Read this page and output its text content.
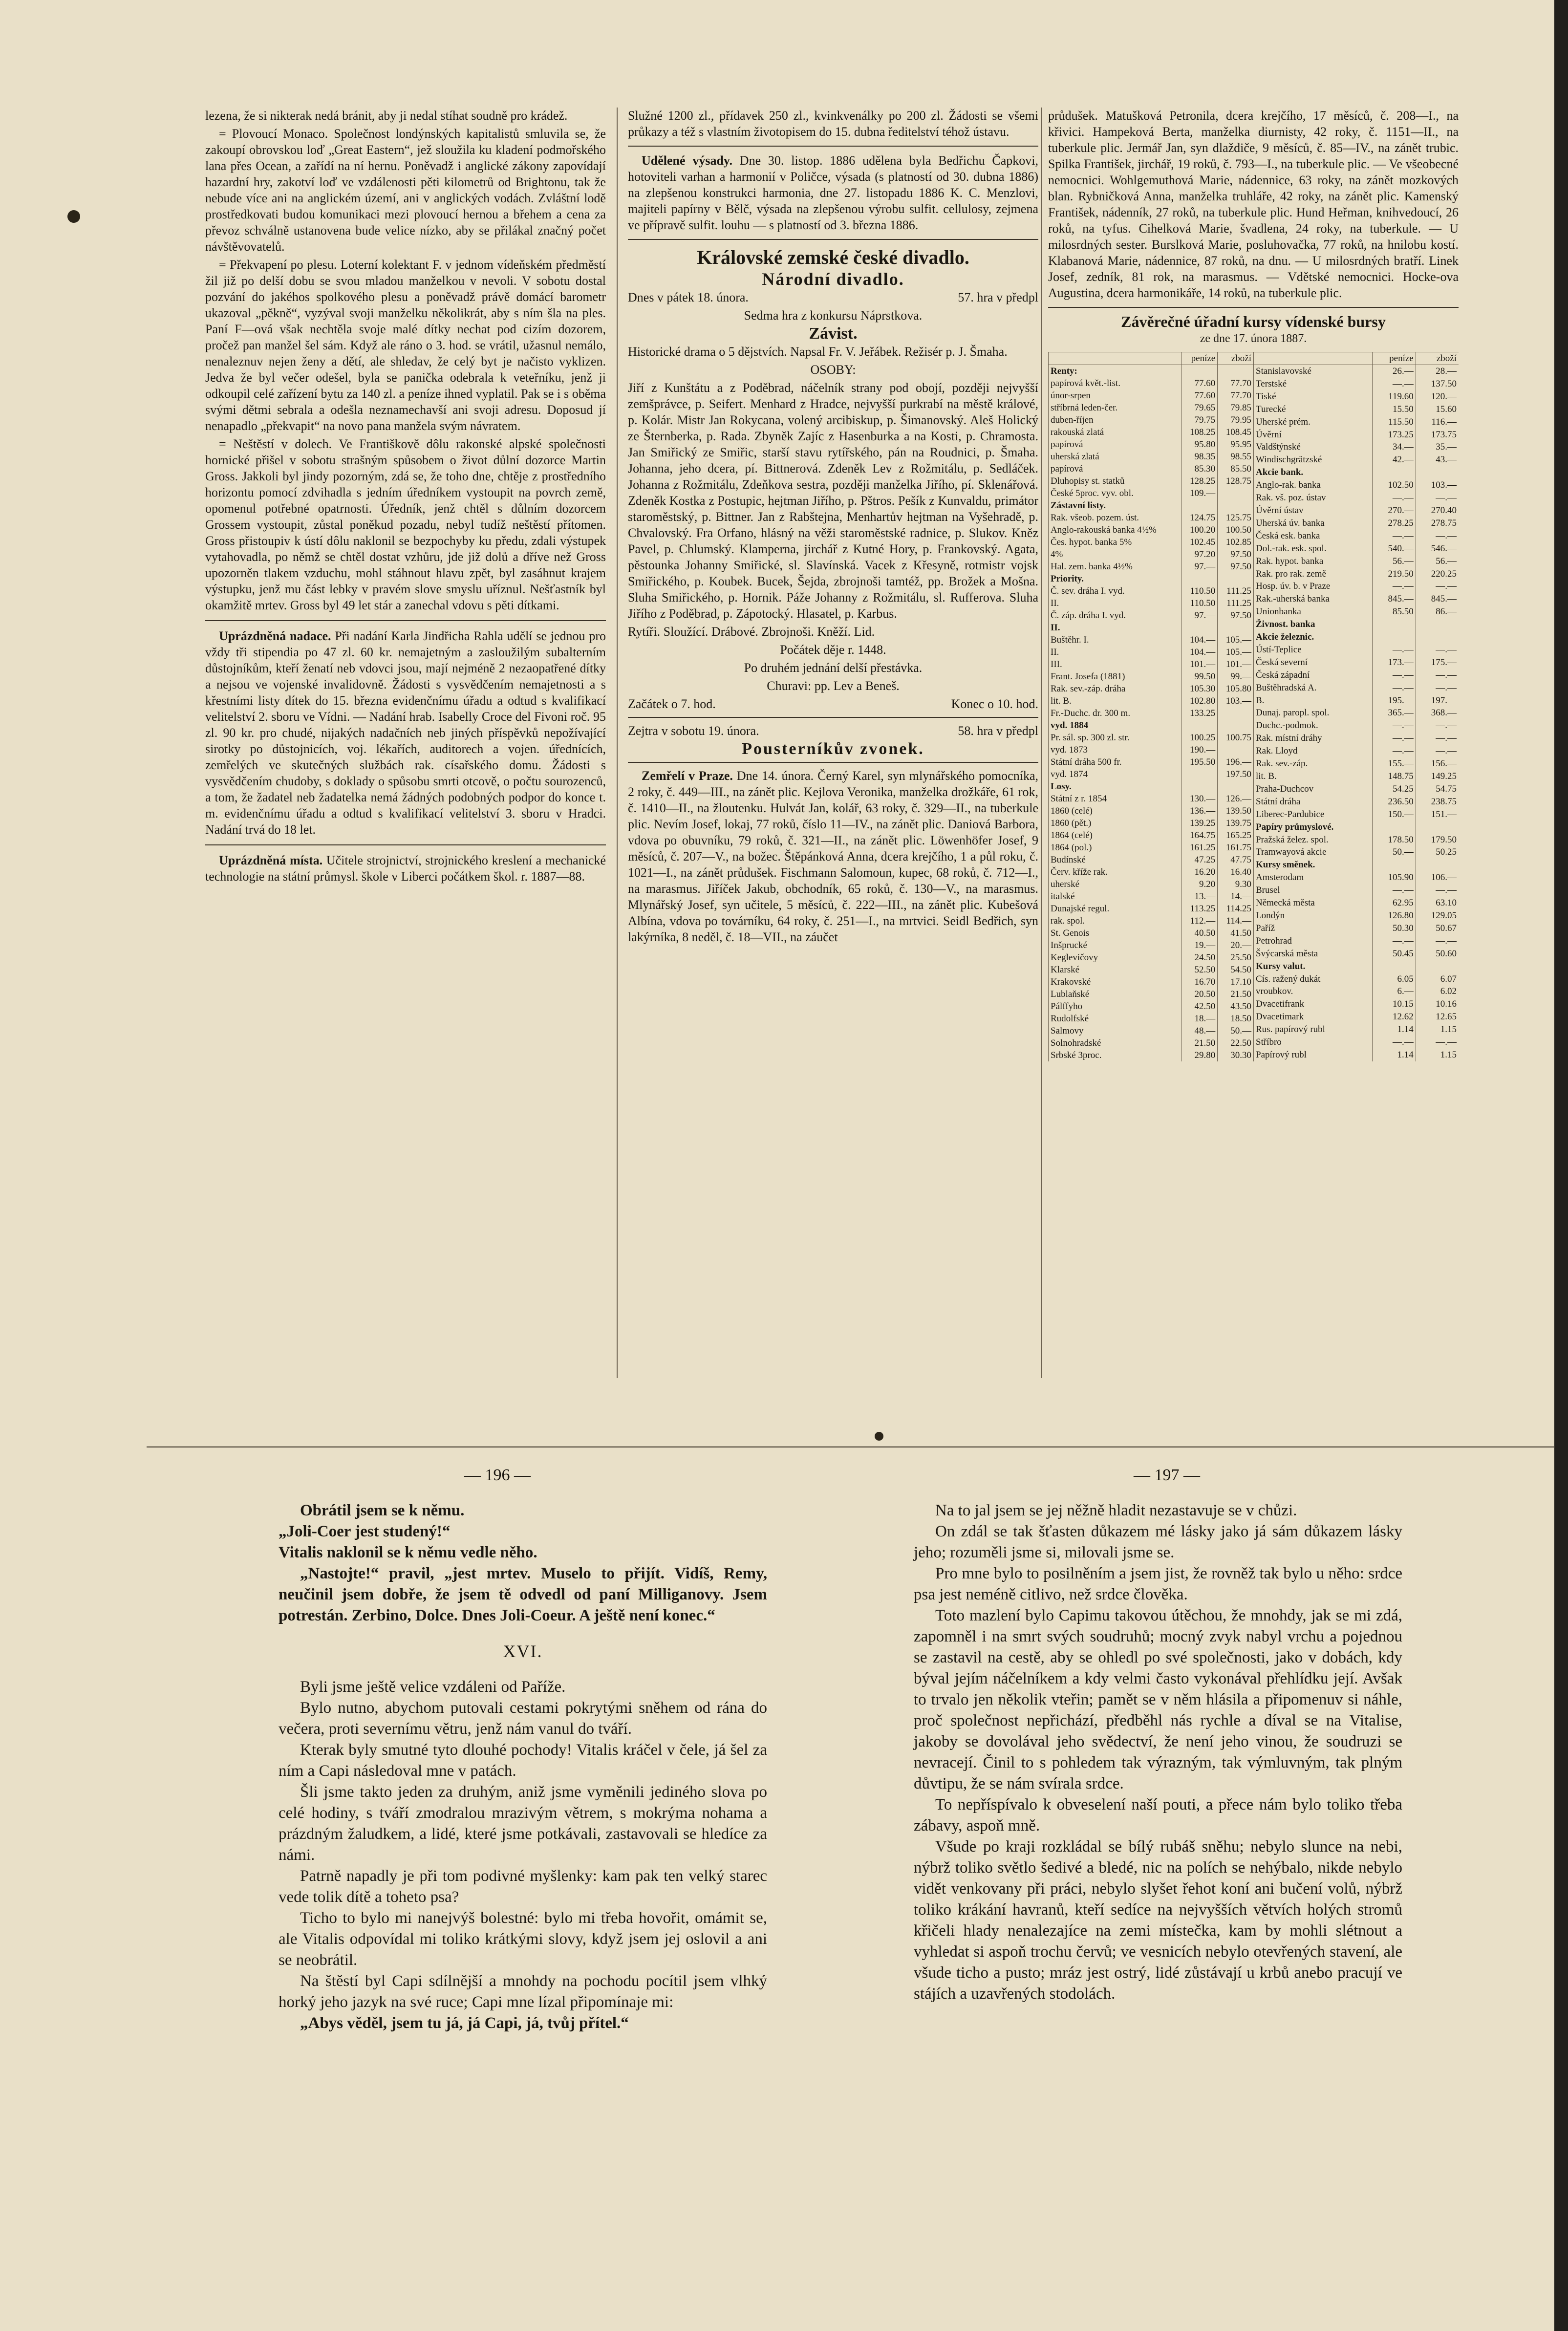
lezena, že si nikterak nedá bránit, aby ji nedal stíhat soudně pro krádež.

= Plovoucí Monaco. Společnost londýnských kapitalistů smluvila se, že zakoupí obrovskou loď „Great Eastern“, jež sloužila ku kladení podmořského lana přes Ocean, a zařídí na ní hernu. Poněvadž i anglické zákony zapovídají hazardní hry, zakotví loď ve vzdálenosti pěti kilometrů od Brightonu, tak že nebude více ani na anglickém území, ani v anglických vodách. Zvláštní lodě prostředkovati budou komunikaci mezi plovoucí hernou a břehem a cena za převoz schválně ustanovena bude velice nízko, aby se přilákal značný počet návštěvovatelů.

= Překvapení po plesu. Loterní kolektant F. v jednom vídeňském předměstí žil již po delší dobu se svou mladou manželkou v nevoli. V sobotu dostal pozvání do jakéhos spolkového plesu a poněvadž právě domácí barometr ukazoval „pěkně“, vyzýval svoji manželku několikrát, aby s ním šla na ples. Paní F—ová však nechtěla svoje malé dítky nechat pod cizím dozorem, pročež pan manžel šel sám. Když ale ráno o 3. hod. se vrátil, užasnul nemálo, nenaleznuv nejen ženy a dětí, ale shledav, že celý byt je načisto vyklizen. Jedva že byl večer odešel, byla se panička odebrala k veteřníku, jenž ji odkoupil celé zařízení bytu za 140 zl. a peníze ihned vyplatil. Pak se i s oběma svými dětmi sebrala a odešla neznamechavší ani svoji adresu. Doposud jí nenapadlo „překvapit“ na novo pana manžela svým návratem.

= Neštěstí v dolech. Ve Františkově dôlu rakonské alpské společnosti hornické přišel v sobotu strašným spůsobem o život důlní dozorce Martin Gross. Jakkoli byl jindy pozorným, zdá se, že toho dne, chtěje z prostředního horizontu pomocí zdvihadla s jedním úředníkem vystoupit na povrch země, opomenul potřebné opatrnosti. Úředník, jenž chtěl s důlním dozorcem Grossem vystoupit, zůstal poněkud pozadu, nebyl tudíž neštěstí přítomen. Gross přistoupiv k ústí dôlu naklonil se bezpochyby ku předu, zdali výstupek vytahovadla, po němž se chtěl dostat vzhůru, jde již dolů a dříve než Gross upozorněn tlakem vzduchu, mohl stáhnout hlavu zpět, byl zasáhnut krajem výstupku, jenž mu část lebky v pravém slove smyslu uříznul. Nešťastník byl okamžitě mrtev. Gross byl 49 let stár a zanechal vdovu s pěti dítkami.

Uprázdněná nadace. Při nadání Karla Jindřicha Rahla udělí se jednou pro vždy tři stipendia po 47 zl. 60 kr. nemajetným a zasloužilým subalterním důstojníkům, kteří ženatí neb vdovci jsou, mají nejméně 2 nezaopatřené dítky a nejsou ve vojenské invalidovně. Žádosti s vysvědčením nemajetnosti a s křestními listy dítek do 15. března evidenčnímu úřadu a odtud s kvalifikací velitelství 2. sboru ve Vídni. — Nadání hrab. Isabelly Croce del Fivoni roč. 95 zl. 90 kr. pro chudé, nijakých nadačních neb jiných příspěvků nepožívající sirotky po důstojnicích, voj. lékařích, auditorech a vojen. úřednících, zemřelých ve skutečných službách rak. císařského domu. Žádosti s vysvědčením chudoby, s doklady o spůsobu smrti otcově, o počtu sourozenců, a tom, že žadatel neb žadatelka nemá žádných podobných podpor do konce t. m. evidenčnímu úřadu a odtud s kvalifikací velitelství 3. sboru v Hradci. Nadání trvá do 18 let.

Uprázdněná místa. Učitele strojnictví, strojnického kreslení a mechanické technologie na státní průmysl. škole v Liberci počátkem škol. r. 1887—88.

Služné 1200 zl., přídavek 250 zl., kvinkvenálky po 200 zl. Žádosti se všemi průkazy a též s vlastním životopisem do 15. dubna ředitelství téhož ústavu.

Udělené výsady. Dne 30. listop. 1886 udělena byla Bedřichu Čapkovi, hotoviteli varhan a harmonií v Poličce, výsada (s platností od 30. dubna 1886) na zlepšenou konstrukci harmonia, dne 27. listopadu 1886 K. C. Menzlovi, majiteli papírny v Bělč, výsada na zlepšenou výrobu sulfit. cellulosy, zejmena ve přípravě sulfit. louhu — s platností od 3. března 1886.

Královské zemské české divadlo.

Národní divadlo.

Dnes v pátek 18. února.	57. hra v předpl

Sedma hra z konkursu Náprstkova.

Závist.

Historické drama o 5 dějstvích. Napsal Fr. V. Jeřábek. Režisér p. J. Šmaha.

OSOBY:

Jiří z Kunštátu a z Poděbrad, náčelník strany pod obojí, později nejvyšší zemšprávce, p. Seifert. Menhard z Hradce, nejvyšší purkrabí na městě králové, p. Kolár. Mistr Jan Rokycana, volený arcibiskup, p. Šimanovský. Aleš Holický ze Šternberka, p. Rada. Zbyněk Zajíc z Hasenburka a na Kosti, p. Chramosta. Jan Smiřický ze Smiřic, starší stavu rytířského, pán na Roudnici, p. Šmaha. Johanna, jeho dcera, pí. Bittnerová. Zdeněk Lev z Rožmitálu, p. Sedláček. Johanna z Rožmitálu, Zdeňkova sestra, později manželka Jiřího, pí. Sklenářová. Zdeněk Kostka z Postupic, hejtman Jiřího, p. Pštros. Pešík z Kunvaldu, primátor staroměstský, p. Bittner. Jan z Rabštejna, Menhartův hejtman na Vyšehradě, p. Chvalovský. Fra Orfano, hlásný na věži staroměstské radnice, p. Slukov. Kněz Pavel, p. Chlumský. Klampernа, jirchář z Kutné Hory, p. Frankovský. Agata, pěstounka Johanny Smiřické, sl. Slavínská. Vacek z Křesyně, rotmistr vojsk Smiřického, p. Koubek. Bucek, Šejda, zbrojnoši tamtéž, pp. Brožek a Mošna. Sluha Smiřického, p. Hornik. Páže Johanny z Rožmitálu, sl. Rufferova. Sluha Jiřího z Poděbrad, p. Zápotocký. Hlasatel, p. Karbus.

Rytíři. Sloužící. Drábové. Zbrojnoši. Kněží. Lid.

Počátek děje r. 1448.

Po druhém jednání delší přestávka.

Churavi: pp. Lev a Beneš.

Začátek o 7. hod.	Konec o 10. hod.

Zejtra v sobotu 19. února.	58. hra v předpl

Pousterníkův zvonek.

Zemřelí v Praze. Dne 14. února. Černý Karel, syn mlynářského pomocníka, 2 roky, č. 449—III., na zánět plic. Kejlova Veronika, manželka drožkáře, 61 rok, č. 1410—II., na žloutenku. Hulvát Jan, kolář, 63 roky, č. 329—II., na tuberkule plic. Nevím Josef, lokaj, 77 roků, číslo 11—IV., na zánět plic. Daniová Barbora, vdova po obuvníku, 79 roků, č. 321—II., na zánět plic. Löwenhöfer Josef, 9 měsíců, č. 207—V., na božec. Štěpánková Anna, dcera krejčího, 1 a půl roku, č. 1021—I., na zánět průdušek. Fischmann Salomoun, kupec, 68 roků, č. 712—I., na marasmus. Jiříček Jakub, obchodník, 65 roků, č. 130—V., na marasmus. Mlynářský Josef, syn učitele, 5 měsíců, č. 222—III., na zánět plic. Kubešová Albína, vdova po továrníku, 64 roky, č. 251—I., na mrtvici. Seidl Bedřich, syn lakýrníka, 8 neděl, č. 18—VII., na záučet

průdušek. Matušková Petronila, dcera krejčího, 17 měsíců, č. 208—I., na křivici. Hampeková Berta, manželka diurnisty, 42 roky, č. 1151—II., na tuberkule plic. Jermář Jan, syn dlaždiče, 9 měsíců, č. 85—IV., na zánět trubic. Spilka František, jirchář, 19 roků, č. 793—I., na tuberkule plic. — Ve všeobecné nemocnici. Wohlgemuthová Marie, nádennice, 63 roky, na zánět mozkových blan. Rybničková Anna, manželka truhláře, 42 roky, na zánět plic. Kamenský František, nádenník, 27 roků, na tuberkule plic. Hund Heřman, knihvedoucí, 26 roků, na tyfus. Cihelková Marie, švadlena, 24 roky, na tuberkule. — U milosrdných sester. Burslková Marie, posluhovačka, 77 roků, na hnilobu kostí. Klabanová Marie, nádennice, 87 roků, na dnu. — U milosrdných bratří. Linek Josef, zedník, 81 rok, na marasmus. — Vdětské nemocnici. Hocke-ova Augustina, dcera harmonikáře, 14 roků, na tuberkule plic.

Závěrečné úřadní kursy vídenské bursy
ze dne 17. února 1887.
	peníze	zboží
Renty:		
papírová květ.-list.	77.60	77.70
únor-srpen	77.60	77.70
stříbrná leden-čer.	79.65	79.85
duben-říjen	79.75	79.95
rakouská zlatá	108.25	108.45
papírová	95.80	95.95
uherská zlatá	98.35	98.55
papírová	85.30	85.50
Dluhopisy st. statků	128.25	128.75
České 5proc. vyv. obl.	109.—	
Zástavní listy.		
Rak. všeob. pozem. úst.	124.75	125.75
Anglo-rakouská banka 4½%	100.20	100.50
Čes. hypot. banka 5%	102.45	102.85
4%	97.20	97.50
Hal. zem. banka 4½%	97.—	97.50
Priority.		
Č. sev. dráha I. vyd.	110.50	111.25
II.	110.50	111.25
Č. záp. dráha I. vyd.	97.—	97.50
II.		
Buštěhr. I.	104.—	105.—
II.	104.—	105.—
III.	101.—	101.—
Frant. Josefa (1881)	99.50	99.—
Rak. sev.-záp. dráha	105.30	105.80
lit. B.	102.80	103.—
Fr.-Duchc. dr. 300 m.	133.25	
vyd. 1884		
Pr. sál. sp. 300 zl. str.	100.25	100.75
vyd. 1873	190.—	
Státní dráha 500 fr.	195.50	196.—
vyd. 1874		197.50
Losy.		
Státní z r. 1854	130.—	126.—
1860 (celé)	136.—	139.50
1860 (pět.)	139.25	139.75
1864 (celé)	164.75	165.25
1864 (pol.)	161.25	161.75
Budínské	47.25	47.75
Červ. kříže rak.	16.20	16.40
uherské	9.20	9.30
italské	13.—	14.—
Dunajské regul.	113.25	114.25
rak. spol.	112.—	114.—
St. Genois	40.50	41.50
Inšprucké	19.—	20.—
Keglevičovy	24.50	25.50
Klarské	52.50	54.50
Krakovské	16.70	17.10
Lublaňské	20.50	21.50
Pálffyho	42.50	43.50
Rudolfské	18.—	18.50
Salmovy	48.—	50.—
Solnohradské	21.50	22.50
Srbské 3proc.	29.80	30.30
	peníze	zboží
Stanislavovské	26.—	28.—
Terstské	—.—	137.50
Tiské	119.60	120.—
Turecké	15.50	15.60
Uherské prém.	115.50	116.—
Úvěrní	173.25	173.75
Valdštýnské	34.—	35.—
Windischgrätzské	42.—	43.—
Akcie bank.		
Anglo-rak. banka	102.50	103.—
Rak. vš. poz. ústav	—.—	—.—
Úvěrní ústav	270.—	270.40
Uherská úv. banka	278.25	278.75
Česká esk. banka	—.—	—.—
Dol.-rak. esk. spol.	540.—	546.—
Rak. hypot. banka	56.—	56.—
Rak. pro rak. země	219.50	220.25
Hosp. úv. b. v Praze	—.—	—.—
Rak.-uherská banka	845.—	845.—
Unionbanka	85.50	86.—
Živnost. banka		
Akcie železnic.		
Ústí-Teplice	—.—	—.—
Česká severní	173.—	175.—
Česká západní	—.—	—.—
Buštěhradská A.	—.—	—.—
B.	195.—	197.—
Dunaj. paropl. spol.	365.—	368.—
Duchc.-podmok.	—.—	—.—
Rak. místní dráhy	—.—	—.—
Rak. Lloyd	—.—	—.—
Rak. sev.-záp.	155.—	156.—
lit. B.	148.75	149.25
Praha-Duchcov	54.25	54.75
Státní dráha	236.50	238.75
Liberec-Pardubice	150.—	151.—
Papíry průmyslové.		
Pražská želez. spol.	178.50	179.50
Tramwayová akcie	50.—	50.25
Kursy směnek.		
Amsterodam	105.90	106.—
Brusel	—.—	—.—
Německá města	62.95	63.10
Londýn	126.80	129.05
Paříž	50.30	50.67
Petrohrad	—.—	—.—
Švýcarská města	50.45	50.60
Kursy valut.		
Cís. ražený dukát	6.05	6.07
vroubkov.	6.—	6.02
Dvacetifrank	10.15	10.16
Dvacetimark	12.62	12.65
Rus. papírový rubl	1.14	1.15
Stříbro	—.—	—.—
Papírový rubl	1.14	1.15
— 196 —	— 197 —

Obrátil jsem se k němu.

„Joli-Coer jest studený!“

Vitalis naklonil se k němu vedle něho.

„Nastojte!“ pravil, „jest mrtev. Muselo to přijít. Vidíš, Remy, neučinil jsem dobře, že jsem tě odvedl od paní Milliganovy. Jsem potrestán. Zerbino, Dolce. Dnes Joli-Coeur. A ještě není konec.“

XVI.

Byli jsme ještě velice vzdáleni od Paříže.

Bylo nutno, abychom putovali cestami pokrytými sněhem od rána do večera, proti severnímu větru, jenž nám vanul do tváří.

Kterak byly smutné tyto dlouhé pochody! Vitalis kráčel v čele, já šel za ním a Capi následoval mne v patách.

Šli jsme takto jeden za druhým, aniž jsme vyměnili jediného slova po celé hodiny, s tváří zmodralou mrazivým větrem, s mokrýma nohama a prázdným žaludkem, a lidé, které jsme potkávali, zastavovali se hledíce za námi.

Patrně napadly je při tom podivné myšlenky: kam pak ten velký starec vede tolik dítě a toheto psa?

Ticho to bylo mi nanejvýš bolestné: bylo mi třeba hovořit, omámit se, ale Vitalis odpovídal mi toliko krátkými slovy, když jsem jej oslovil a ani se neobrátil.

Na štěstí byl Capi sdílnější a mnohdy na pochodu pocítil jsem vlhký horký jeho jazyk na své ruce; Capi mne lízal připomínaje mi:

„Abys věděl, jsem tu já, já Capi, já, tvůj přítel.“

Na to jal jsem se jej něžně hladit nezastavuje se v chůzi.

On zdál se tak šťasten důkazem mé lásky jako já sám důkazem lásky jeho; rozuměli jsme si, milovali jsme se.

Pro mne bylo to posilněním a jsem jist, že rovněž tak bylo u něho: srdce psa jest neméně citlivo, než srdce člověka.

Toto mazlení bylo Capimu takovou útěchou, že mnohdy, jak se mi zdá, zapomněl i na smrt svých soudruhů; mocný zvyk nabyl vrchu a pojednou se zastavil na cestě, aby se ohledl po své společnosti, jako v dobách, kdy býval jejím náčelníkem a kdy velmi často vykonával přehlídku její. Avšak to trvalo jen několik vteřin; pamět se v něm hlásila a připomenuv si náhle, proč společnost nepřichází, předběhl nás rychle a díval se na Vitalise, jakoby se dovolával jeho svědectví, že není jeho vinou, že soudruzi se nevracejí. Činil to s pohledem tak výrazným, tak výmluvným, tak plným důvtipu, že se nám svírala srdce.

To nepříspívalo k obveselení naší pouti, a přece nám bylo toliko třeba zábavy, aspoň mně.

Všude po kraji rozkládal se bílý rubáš sněhu; nebylo slunce na nebi, nýbrž toliko světlo šedivé a bledé, nic na polích se nehýbalo, nikde nebylo vidět venkovany při práci, nebylo slyšet řehot koní ani bučení volů, nýbrž toliko krákání havranů, kteří sedíce na nejvyšších větvích holých stromů křičeli hlady nenalezajíce na zemi místečka, kam by mohli slétnout a vyhledat si aspoň trochu červů; ve vesnicích nebylo otevřených stavení, ale všude ticho a pusto; mráz jest ostrý, lidé zůstávají u krbů anebo pracují ve stájích a uzavřených stodolách.
